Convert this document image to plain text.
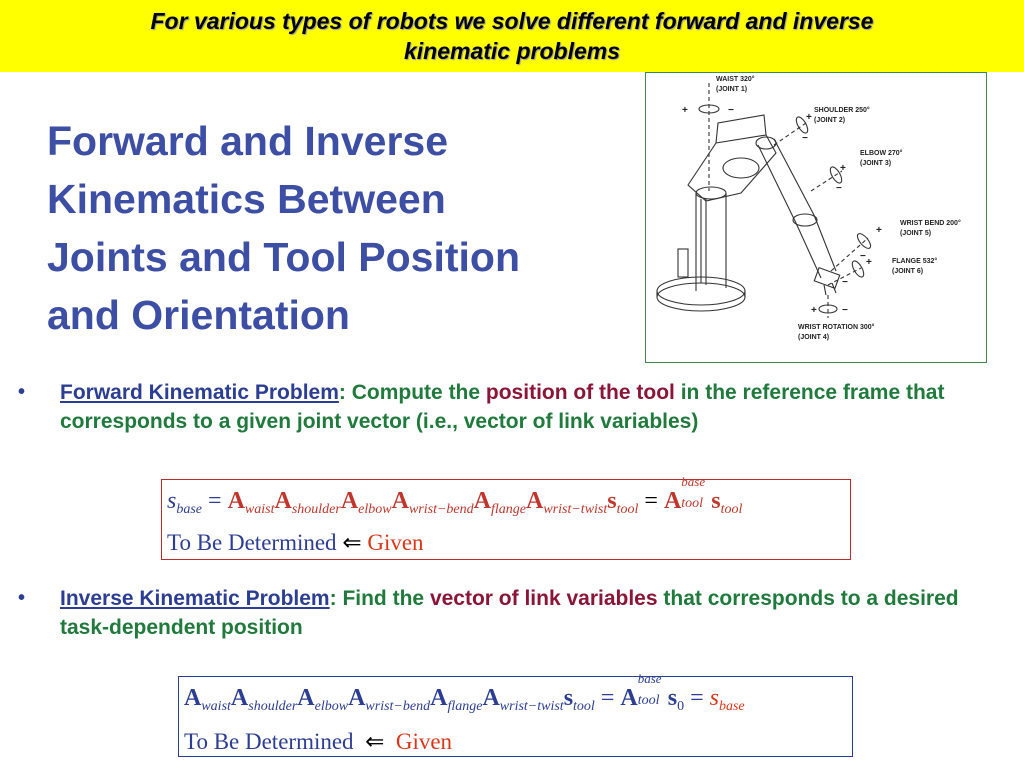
For various types of robots we solve different forward and inverse
kinematic problems
Forward and Inverse
Kinematics Between
Joints and Tool Position
and Orientation
+	−
+
−
+
−
+
−
+
−
+	−
WAIST 320°
(JOINT 1)
SHOULDER 250°
(JOINT 2)
ELBOW 270°
(JOINT 3)
WRIST BEND 200°
(JOINT 5)
FLANGE 532°
(JOINT 6)
WRIST ROTATION 300°
(JOINT 4)
• Forward Kinematic Problem: Compute the position of the tool in the reference frame that corresponds to a given joint vector (i.e., vector of link variables)
$s_{base} = A_{waist}A_{shoulder}A_{elbow}A_{wrist-bend}A_{flange}A_{wrist-twist}s_{tool} = A$
base
tool $s_{tool}$
To Be Determined ⇐ Given
• Inverse Kinematic Problem: Find the vector of link variables that corresponds to a desired task-dependent position
$A_{waist}A_{shoulder}A_{elbow}A_{wrist-bend}A_{flange}A_{wrist-twist}s_{tool} = A$
base
tool $s_0 = s_{base}$
To Be Determined  ⇐  Given
